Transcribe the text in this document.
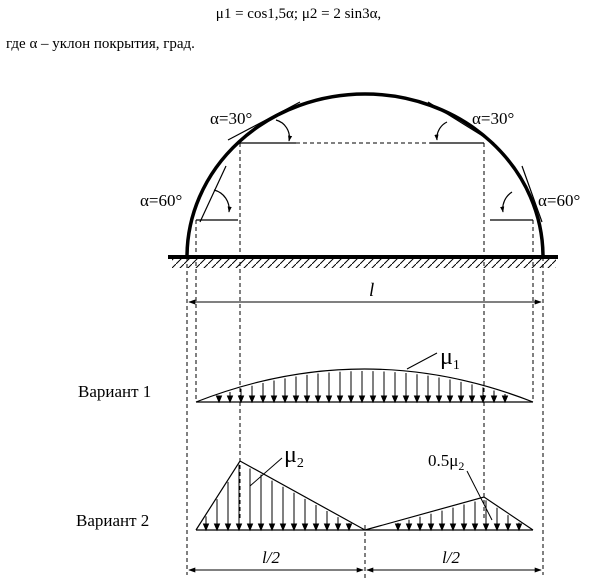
μ1 = cos1,5α; μ2 = 2 sin3α,
где α – уклон покрытия, град.
α=30°	α=30°
α=60°	α=60°
l
Вариант 1
$\mu_1$
Вариант 2
$\mu_2$	$0.5\mu_2$
l/2	l/2
